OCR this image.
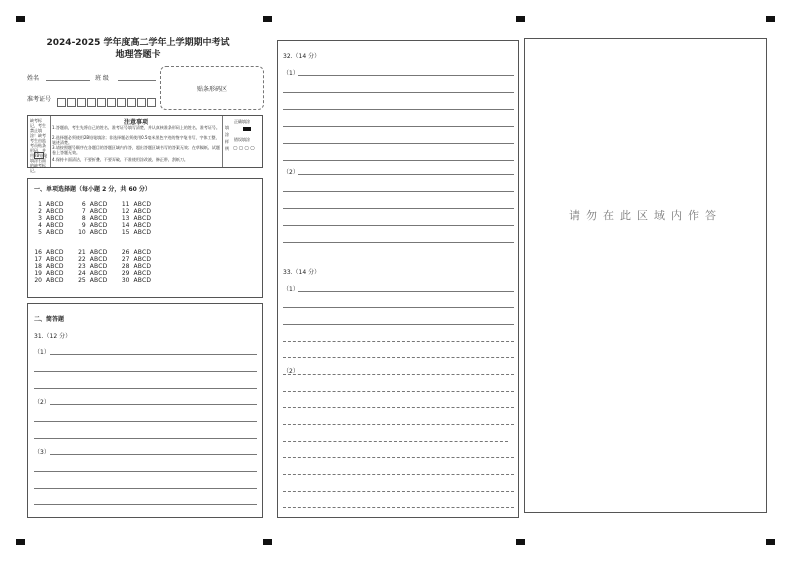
2024-2025 学年度高二学年上学期期中考试
地理答题卡
姓名	班 级
准考证号
贴条形码区
缺考标记，考生禁止填涂！缺考考生由监考员贴条形码，并用2B铅笔填涂右面的缺考标记。
注意事项
1.答题前，考生先将自己的姓名、准考证号填写清楚，并认真核准条形码上的姓名、准考证号。
2.选择题必须使用2B铅笔填涂；非选择题必须使用0.5毫米黑色字迹的签字笔书写，字体工整，笔迹清楚。
3.请按照题号顺序在各题目的答题区域内作答，超出答题区域书写的答案无效；在草稿纸、试题卷上答题无效。
4.保持卡面清洁，不要折叠、不要弄破、不准使用涂改液、修正带、刮纸刀。
填涂样例
正确填涂
错误填涂
◯ ◯ ◯ ◯
一、单项选择题（每小题 2 分，共 60 分）
1 ABCD	6 ABCD 11 ABCD
2 ABCD	7 ABCD 12 ABCD
3 ABCD	8 ABCD 13 ABCD
4 ABCD	9 ABCD 14 ABCD
5 ABCD 10 ABCD 15 ABCD
16 ABCD 21 ABCD 26 ABCD
17 ABCD 22 ABCD 27 ABCD
18 ABCD 23 ABCD 28 ABCD
19 ABCD 24 ABCD 29 ABCD
20 ABCD 25 ABCD 30 ABCD
二、简答题
31.（12 分）
（1）
（2）
（3）
32.（14 分）
（1）
（2）
33.（14 分）
（1）
（2）
请勿在此区域内作答
